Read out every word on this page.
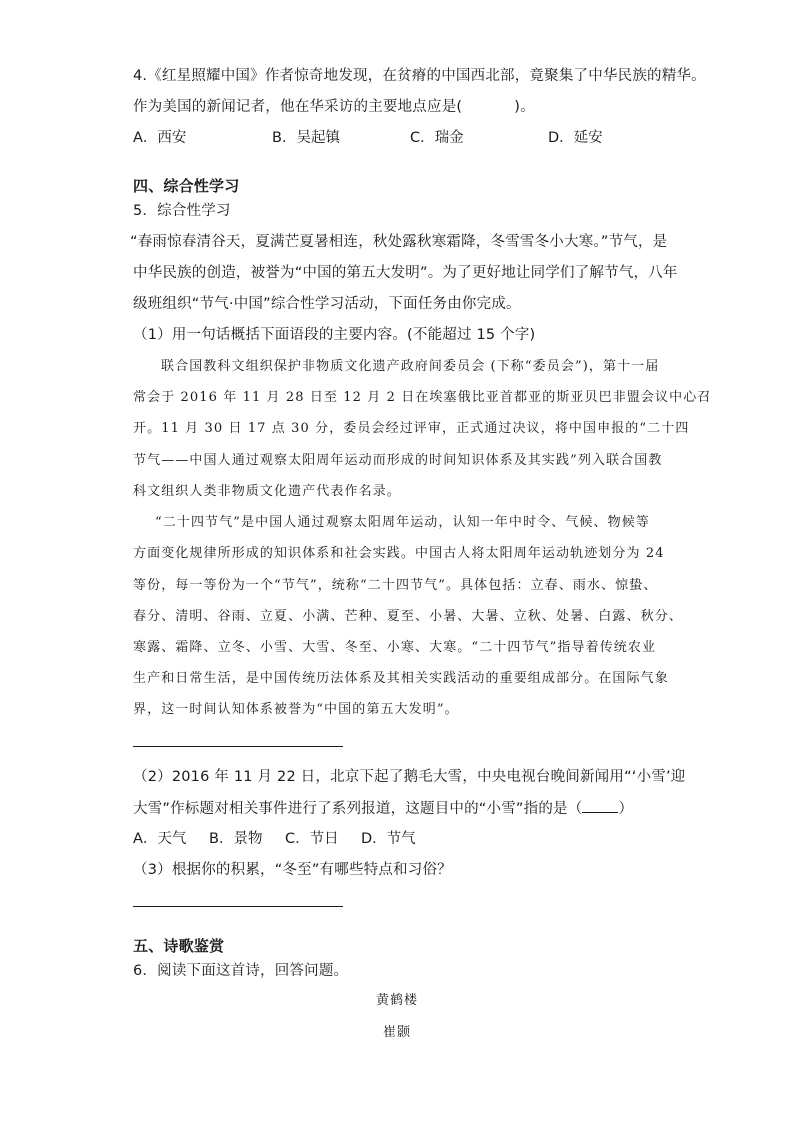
4.《红星照耀中国》作者惊奇地发现，在贫瘠的中国西北部，竟聚集了中华民族的精华。
作为美国的新闻记者，他在华采访的主要地点应是(	)。
A．西安	B．吴起镇	C．瑞金	D．延安
四、综合性学习
5．综合性学习
“春雨惊春清谷天，夏满芒夏暑相连，秋处露秋寒霜降，冬雪雪冬小大寒。”节气，是
中华民族的创造，被誉为“中国的第五大发明”。为了更好地让同学们了解节气，八年
级班组织“节气·中国”综合性学习活动，下面任务由你完成。
（1）用一句话概括下面语段的主要内容。(不能超过 15 个字)
联合国教科文组织保护非物质文化遗产政府间委员会 (下称“委员会”)，第十一届
常会于 2016 年 11 月 28 日至 12 月 2 日在埃塞俄比亚首都亚的斯亚贝巴非盟会议中心召
开。11 月 30 日 17 点 30 分，委员会经过评审，正式通过决议，将中国申报的“二十四
节气——中国人通过观察太阳周年运动而形成的时间知识体系及其实践”列入联合国教
科文组织人类非物质文化遗产代表作名录。
“二十四节气”是中国人通过观察太阳周年运动，认知一年中时令、气候、物候等
方面变化规律所形成的知识体系和社会实践。中国古人将太阳周年运动轨迹划分为 24
等份，每一等份为一个“节气”，统称“二十四节气”。具体包括：立春、雨水、惊蛰、
春分、清明、谷雨、立夏、小满、芒种、夏至、小暑、大暑、立秋、处暑、白露、秋分、
寒露、霜降、立冬、小雪、大雪、冬至、小寒、大寒。“二十四节气”指导着传统农业
生产和日常生活，是中国传统历法体系及其相关实践活动的重要组成部分。在国际气象
界，这一时间认知体系被誉为“中国的第五大发明”。
（2）2016 年 11 月 22 日，北京下起了鹅毛大雪，中央电视台晚间新闻用“‘小雪’迎
大雪”作标题对相关事件进行了系列报道，这题目中的“小雪”指的是（ ）
A．天气 B．景物 C．节日 D．节气
（3）根据你的积累，“冬至”有哪些特点和习俗？
五、诗歌鉴赏
6．阅读下面这首诗，回答问题。
黄鹤楼
崔颢
